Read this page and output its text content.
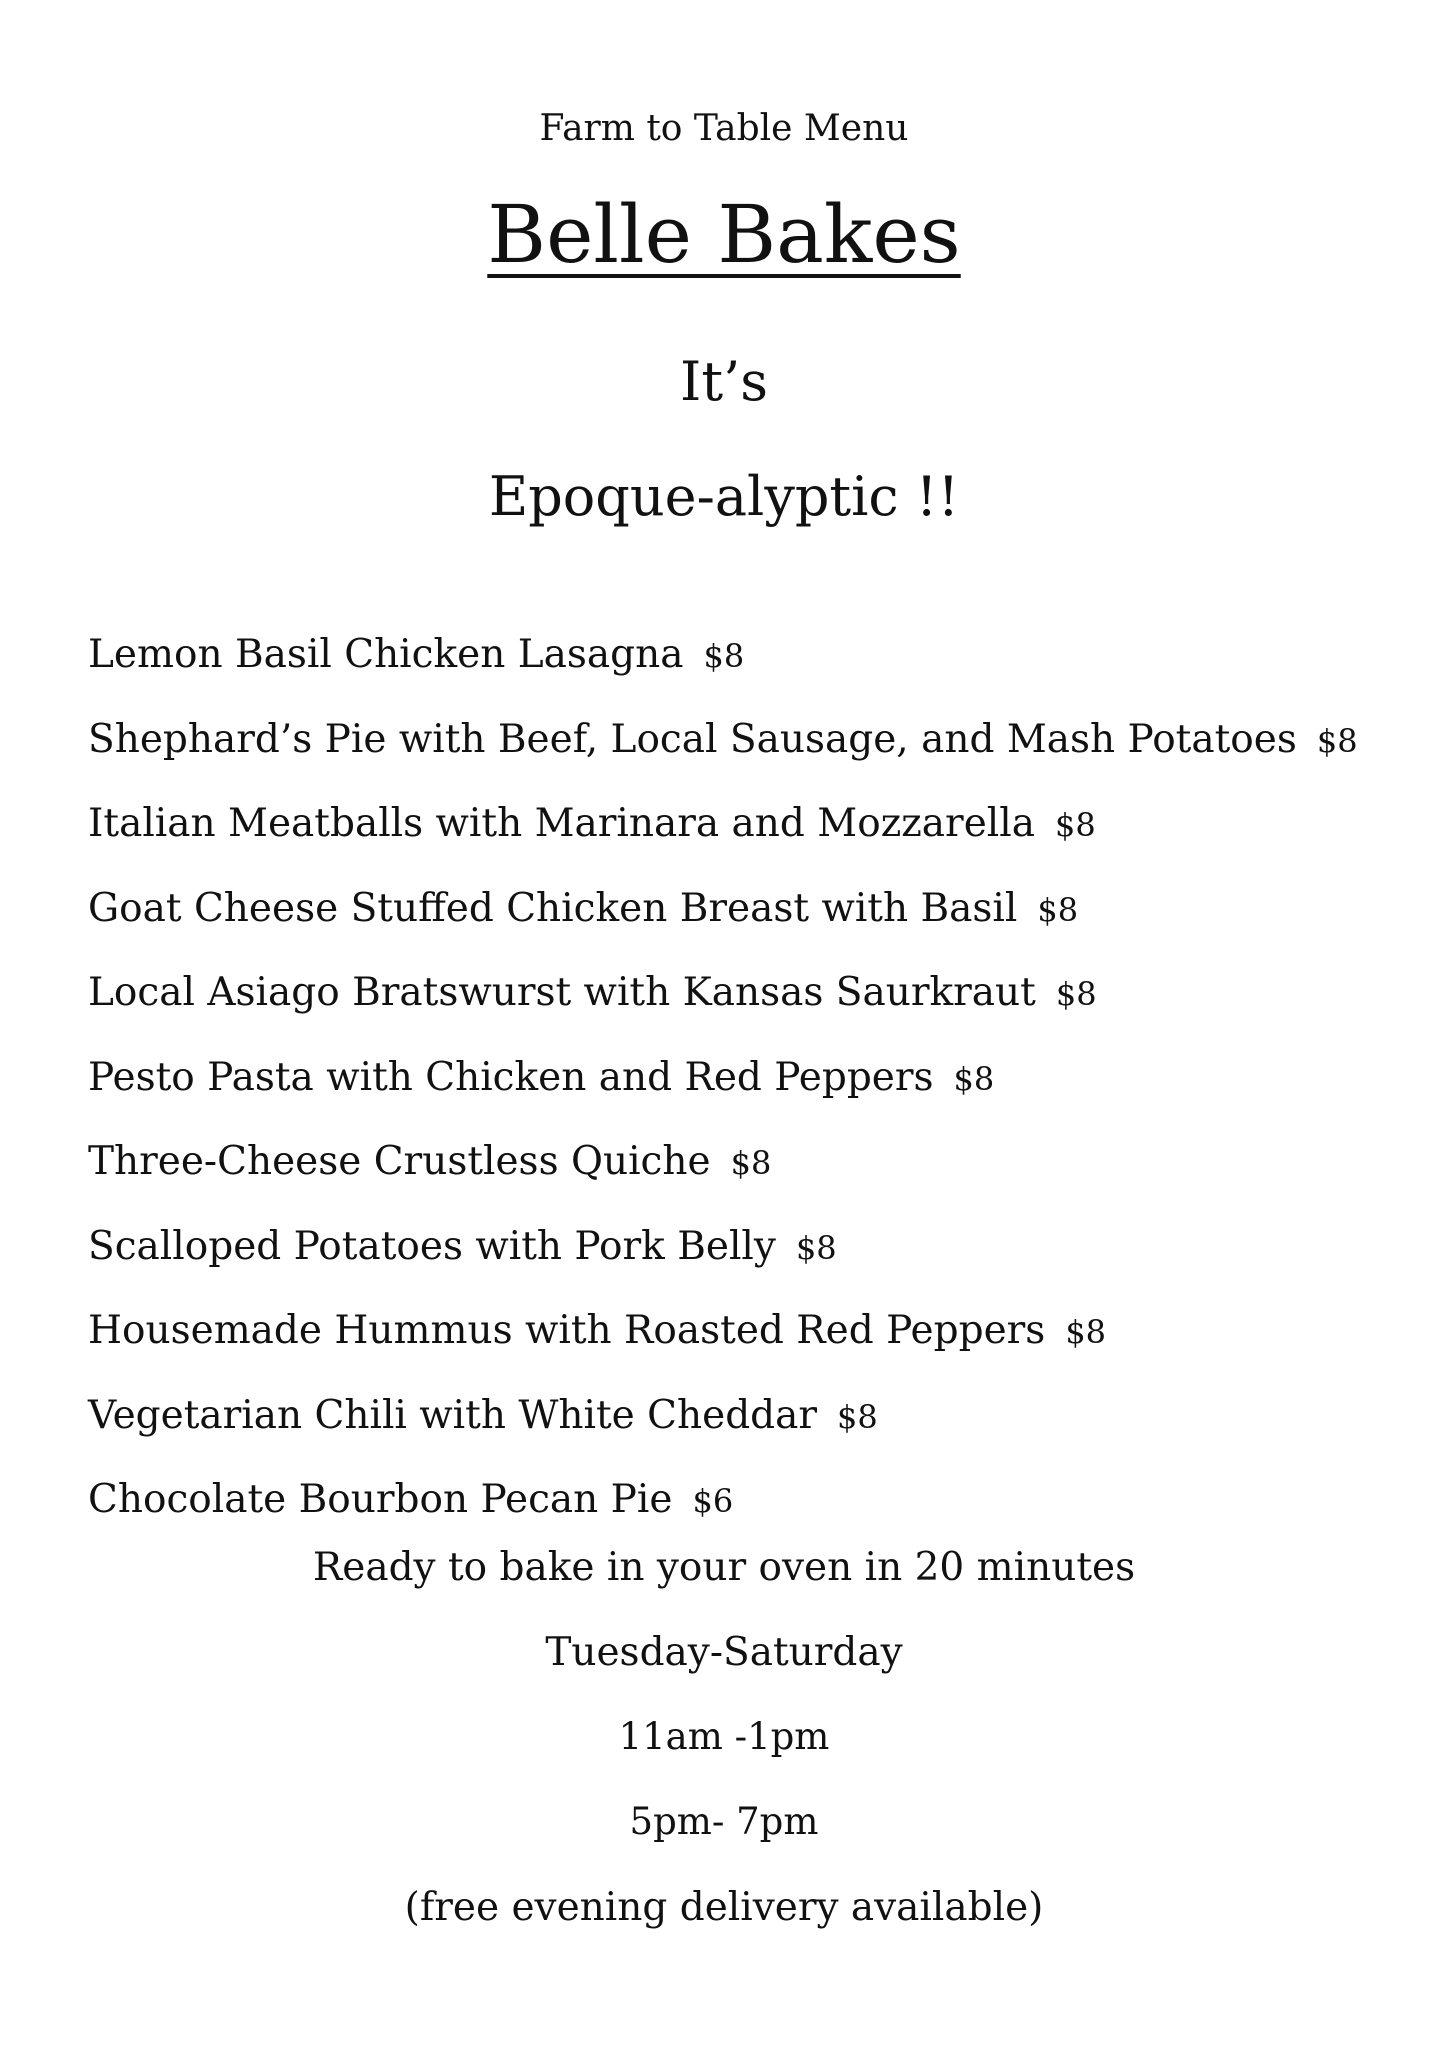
Farm to Table Menu
Belle Bakes
It’s
Epoque-alyptic !!
Lemon Basil Chicken Lasagna $8
Shephard’s Pie with Beef, Local Sausage, and Mash Potatoes $8
Italian Meatballs with Marinara and Mozzarella $8
Goat Cheese Stuffed Chicken Breast with Basil $8
Local Asiago Bratswurst with Kansas Saurkraut $8
Pesto Pasta with Chicken and Red Peppers $8
Three-Cheese Crustless Quiche $8
Scalloped Potatoes with Pork Belly $8
Housemade Hummus with Roasted Red Peppers $8
Vegetarian Chili with White Cheddar $8
Chocolate Bourbon Pecan Pie $6
Ready to bake in your oven in 20 minutes
Tuesday-Saturday
11am -1pm
5pm- 7pm
(free evening delivery available)
